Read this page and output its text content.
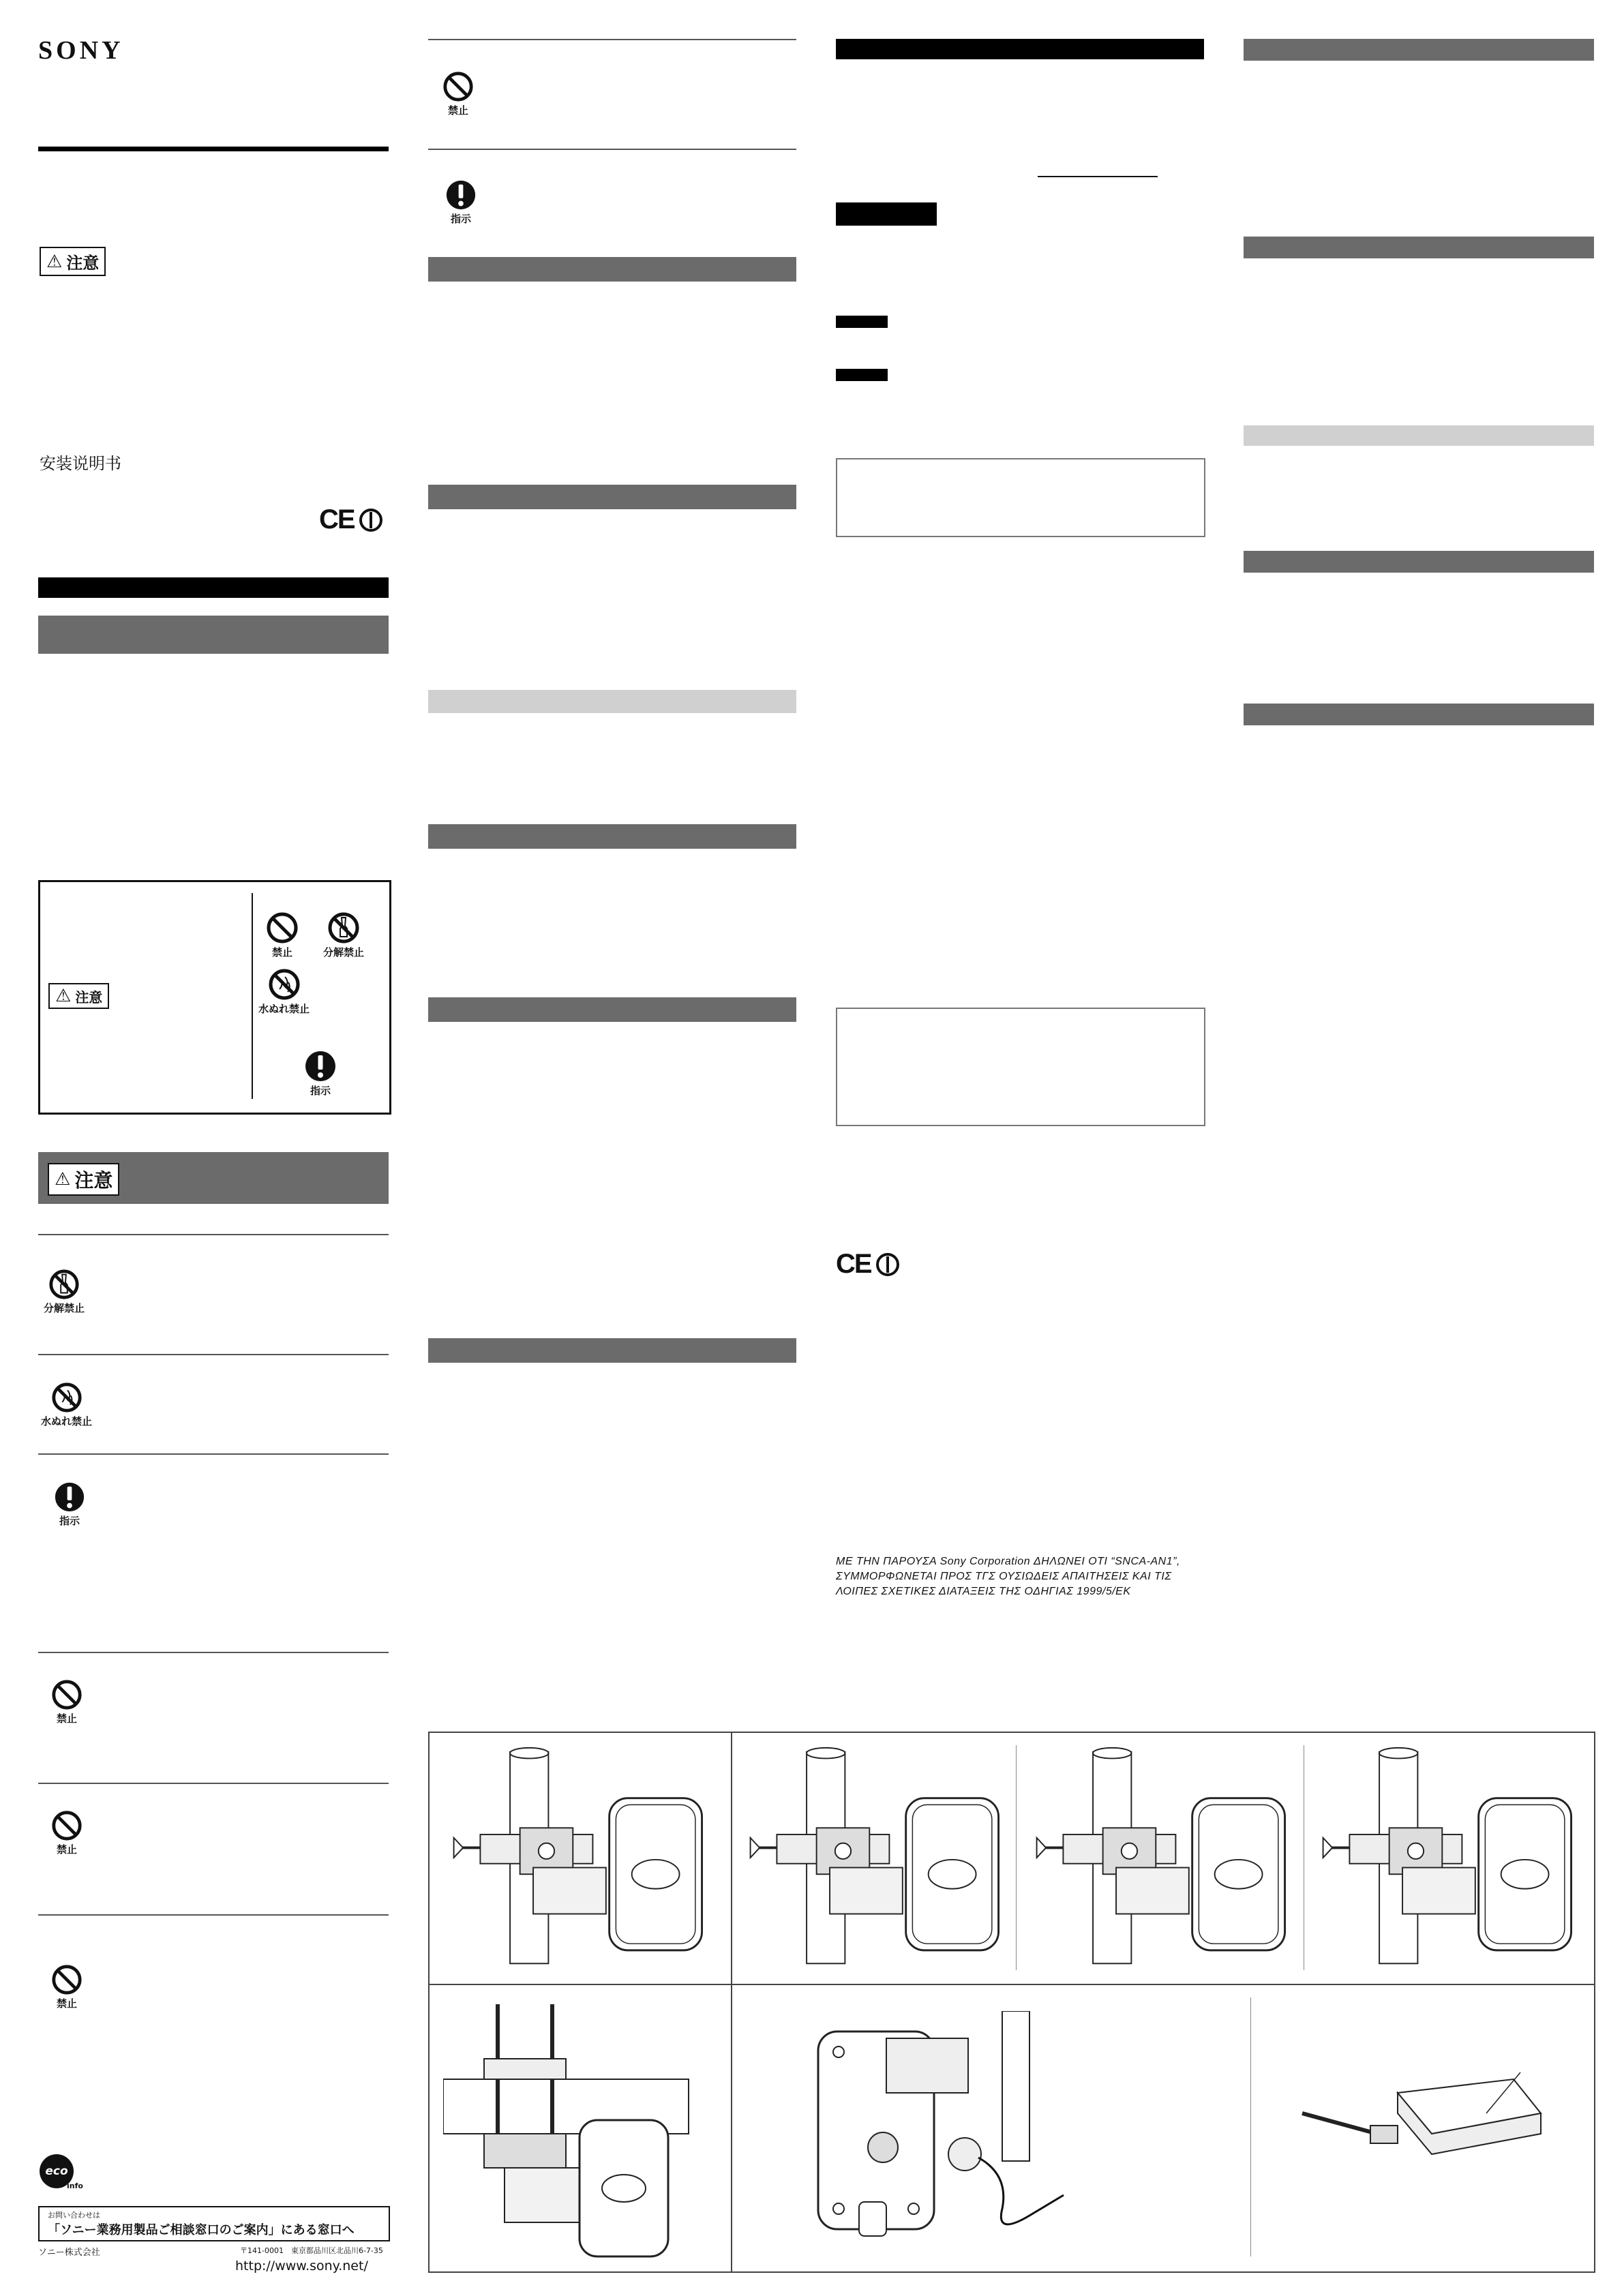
SONY
⚠ 注意
安装说明书
CE
⚠ 注意
禁止	分解禁止
水ぬれ禁止
指示
⚠ 注意
分解禁止
水ぬれ禁止
指示
禁止
禁止
禁止
eco
info
お問い合わせは
「ソニー業務用製品ご相談窓口のご案内」にある窓口へ
ソニー株式会社	〒141-0001　東京都品川区北品川6-7-35
http://www.sony.net/
禁止
指示
CE
ΜΕ ΤΗΝ ΠΑΡΟΥΣΑ Sony Corporation ΔΗΛΩΝΕΙ ΟΤΙ “SNCA-AN1”,
ΣΥΜΜΟΡΦΩΝΕΤΑΙ ΠΡΟΣ ΤΓΣ ΟΥΣΙΩΔΕΙΣ ΑΠΑΙΤΗΣΕΙΣ ΚΑΙ ΤΙΣ
ΛΟΙΠΕΣ ΣΧΕΤΙΚΕΣ ΔΙΑΤΑΞΕΙΣ ΤΗΣ ΟΔΗΓΙΑΣ 1999/5/ΕΚ
